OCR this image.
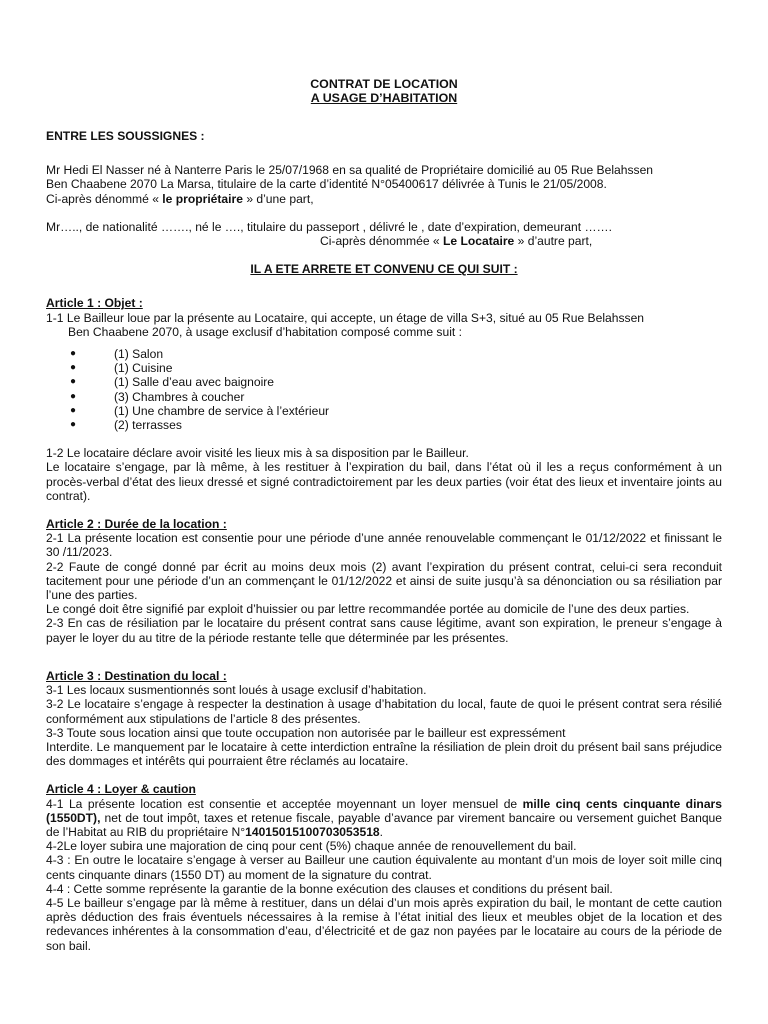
CONTRAT DE LOCATION
A USAGE D’HABITATION
ENTRE LES SOUSSIGNES :

Mr Hedi El Nasser né à Nanterre Paris le 25/07/1968 en sa qualité de Propriétaire domicilié au 05 Rue Belahssen

Ben Chaabene 2070 La Marsa, titulaire de la carte d’identité N°05400617 délivrée à Tunis le 21/05/2008.

Ci-après dénommé « le propriétaire » d’une part,

Mr….., de nationalité ……., né le …., titulaire du passeport , délivré le , date d’expiration, demeurant …….

Ci-après dénommée « Le Locataire » d’autre part,

IL A ETE ARRETE ET CONVENU CE QUI SUIT :

Article 1 : Objet :

1-1 Le Bailleur loue par la présente au Locataire, qui accepte, un étage de villa S+3, situé au 05 Rue Belahssen

Ben Chaabene 2070, à usage exclusif d’habitation composé comme suit :

●	(1) Salon
●	(1) Cuisine
●	(1) Salle d’eau avec baignoire
●	(3) Chambres à coucher
●	(1) Une chambre de service à l’extérieur
●	(2) terrasses

1-2 Le locataire déclare avoir visité les lieux mis à sa disposition par le Bailleur.

Le locataire s’engage, par là même, à les restituer à l’expiration du bail, dans l’état où il les a reçus conformément à un procès-verbal d’état des lieux dressé et signé contradictoirement par les deux parties (voir état des lieux et inventaire joints au contrat).

Article 2 : Durée de la location :

2-1 La présente location est consentie pour une période d’une année renouvelable commençant le 01/12/2022 et finissant le 30 /11/2023.

2-2 Faute de congé donné par écrit au moins deux mois (2) avant l’expiration du présent contrat, celui-ci sera reconduit tacitement pour une période d’un an commençant le 01/12/2022 et ainsi de suite jusqu’à sa dénonciation ou sa résiliation par l’une des parties.

Le congé doit être signifié par exploit d’huissier ou par lettre recommandée portée au domicile de l’une des deux parties.

2-3 En cas de résiliation par le locataire du présent contrat sans cause légitime, avant son expiration, le preneur s’engage à payer le loyer du au titre de la période restante telle que déterminée par les présentes.

Article 3 : Destination du local :

3-1 Les locaux susmentionnés sont loués à usage exclusif d’habitation.

3-2 Le locataire s’engage à respecter la destination à usage d’habitation du local, faute de quoi le présent contrat sera résilié conformément aux stipulations de l’article 8 des présentes.

3-3 Toute sous location ainsi que toute occupation non autorisée par le bailleur est expressément

Interdite. Le manquement par le locataire à cette interdiction entraîne la résiliation de plein droit du présent bail sans préjudice des dommages et intérêts qui pourraient être réclamés au locataire.

Article 4 : Loyer & caution

4-1 La présente location est consentie et acceptée moyennant un loyer mensuel de mille cinq cents cinquante dinars (1550DT), net de tout impôt, taxes et retenue fiscale, payable d’avance par virement bancaire ou versement guichet Banque de l’Habitat au RIB du propriétaire N°14015015100703053518.

4-2Le loyer subira une majoration de cinq pour cent (5%) chaque année de renouvellement du bail.

4-3 : En outre le locataire s’engage à verser au Bailleur une caution équivalente au montant d’un mois de loyer soit mille cinq cents cinquante dinars (1550 DT) au moment de la signature du contrat.

4-4 : Cette somme représente la garantie de la bonne exécution des clauses et conditions du présent bail.

4-5 Le bailleur s’engage par là même à restituer, dans un délai d’un mois après expiration du bail, le montant de cette caution après déduction des frais éventuels nécessaires à la remise à l’état initial des lieux et meubles objet de la location et des redevances inhérentes à la consommation d’eau, d’électricité et de gaz non payées par le locataire au cours de la période de son bail.
